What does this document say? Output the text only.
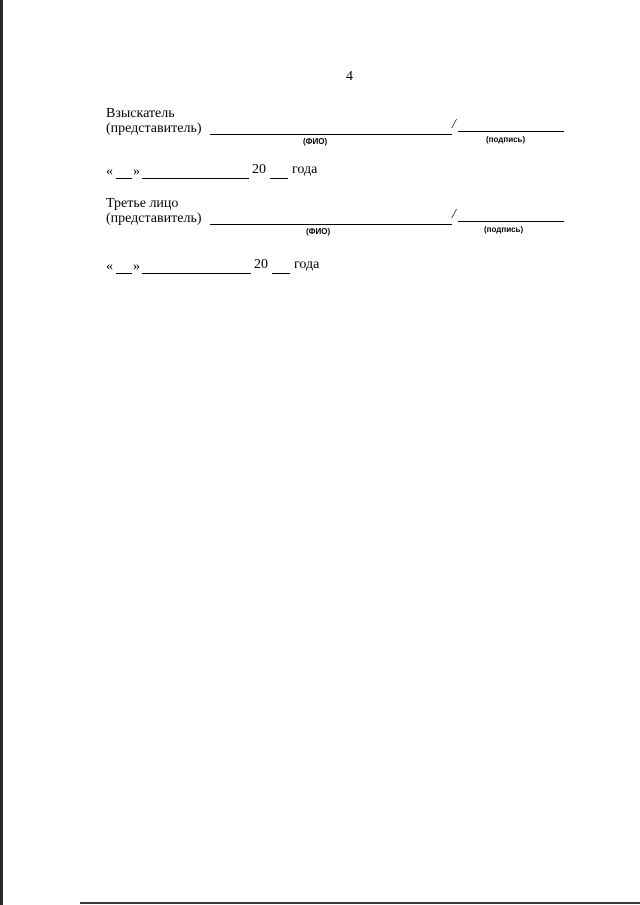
4
Взыскатель
(представитель)	/
(ФИО)	(подпись)
« »	20 года
Третье лицо
(представитель)	/
(ФИО)	(подпись)
« »	20 года
